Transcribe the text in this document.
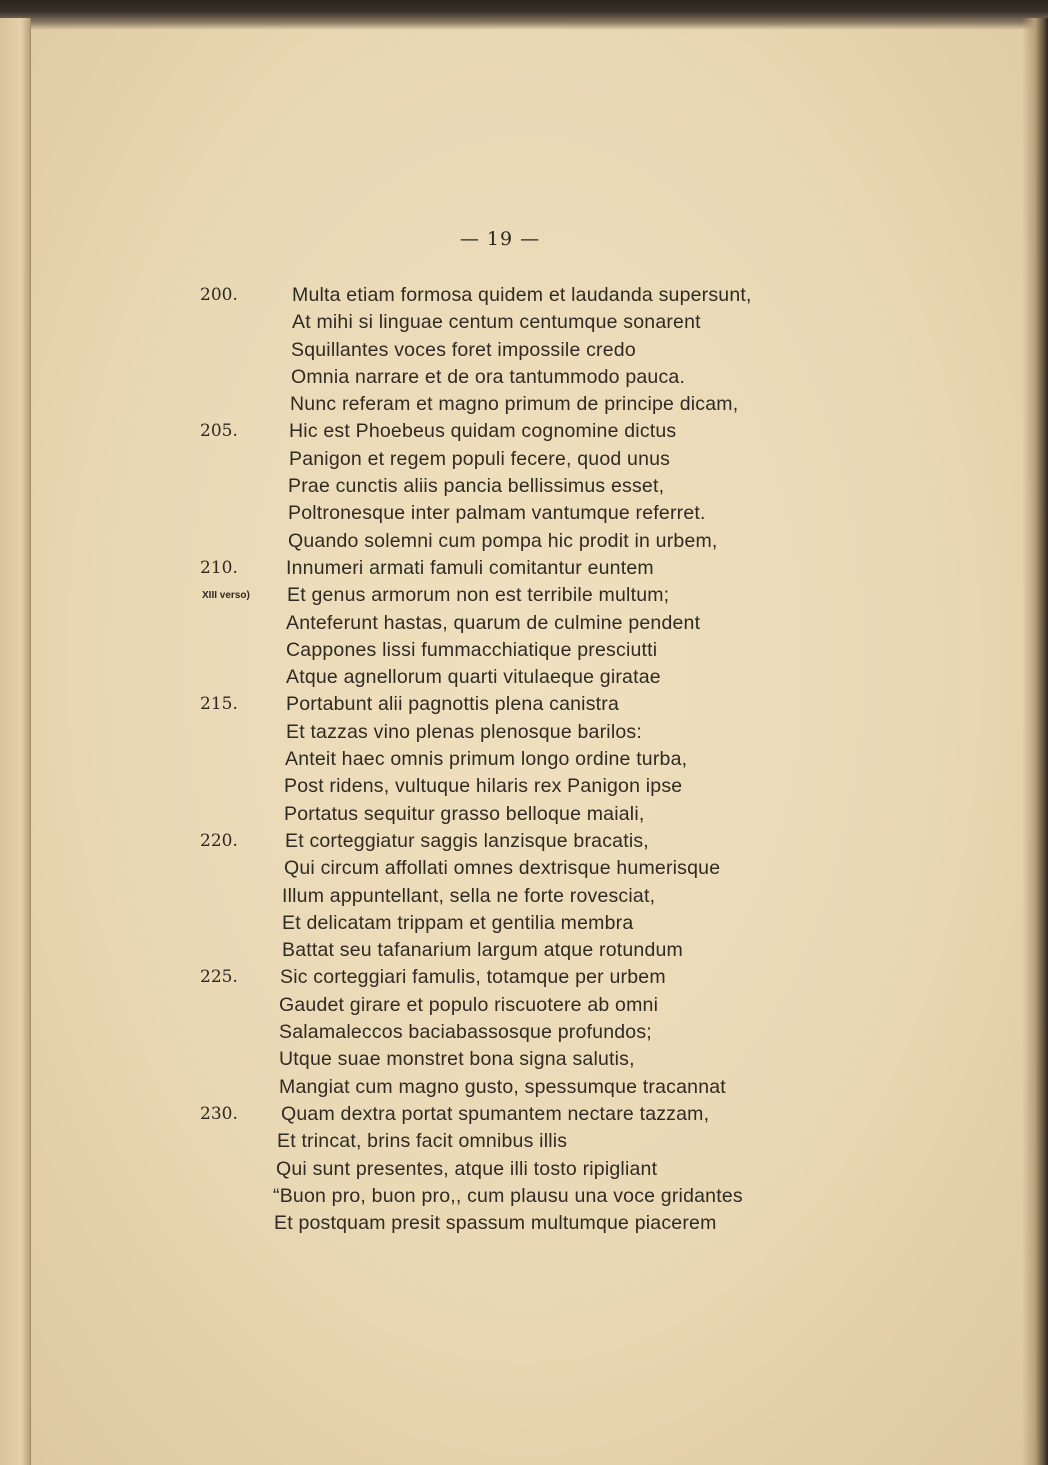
— 19 —
200.	Multa etiam formosa quidem et laudanda supersunt,
At mihi si linguae centum centumque sonarent
Squillantes voces foret impossile credo
Omnia narrare et de ora tantummodo pauca.
Nunc referam et magno primum de principe dicam,
205.	Hic est Phoebeus quidam cognomine dictus
Panigon et regem populi fecere, quod unus
Prae cunctis aliis pancia bellissimus esset,
Poltronesque inter palmam vantumque referret.
Quando solemni cum pompa hic prodit in urbem,
210.	Innumeri armati famuli comitantur euntem
XIII verso)	Et genus armorum non est terribile multum;
Anteferunt hastas, quarum de culmine pendent
Cappones lissi fummacchiatique presciutti
Atque agnellorum quarti vitulaeque giratae
215.	Portabunt alii pagnottis plena canistra
Et tazzas vino plenas plenosque barilos:
Anteit haec omnis primum longo ordine turba,
Post ridens, vultuque hilaris rex Panigon ipse
Portatus sequitur grasso belloque maiali,
220.	Et corteggiatur saggis lanzisque bracatis,
Qui circum affollati omnes dextrisque humerisque
Illum appuntellant, sella ne forte rovesciat,
Et delicatam trippam et gentilia membra
Battat seu tafanarium largum atque rotundum
225.	Sic corteggiari famulis, totamque per urbem
Gaudet girare et populo riscuotere ab omni
Salamaleccos baciabassosque profundos;
Utque suae monstret bona signa salutis,
Mangiat cum magno gusto, spessumque tracannat
230.	Quam dextra portat spumantem nectare tazzam,
Et trincat, brins facit omnibus illis
Qui sunt presentes, atque illi tosto ripigliant
“Buon pro, buon pro,, cum plausu una voce gridantes
Et postquam presit spassum multumque piacerem
